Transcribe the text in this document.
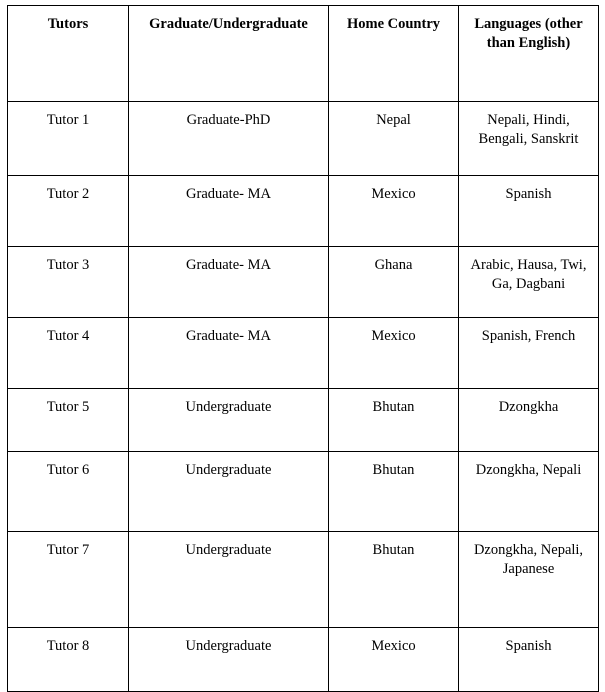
Tutors	Graduate/Undergraduate	Home Country	Languages (other than English)
Tutor 1	Graduate-PhD	Nepal	Nepali, Hindi, Bengali, Sanskrit
Tutor 2	Graduate- MA	Mexico	Spanish
Tutor 3	Graduate- MA	Ghana	Arabic, Hausa, Twi, Ga, Dagbani
Tutor 4	Graduate- MA	Mexico	Spanish, French
Tutor 5	Undergraduate	Bhutan	Dzongkha
Tutor 6	Undergraduate	Bhutan	Dzongkha, Nepali
Tutor 7	Undergraduate	Bhutan	Dzongkha, Nepali, Japanese
Tutor 8	Undergraduate	Mexico	Spanish
